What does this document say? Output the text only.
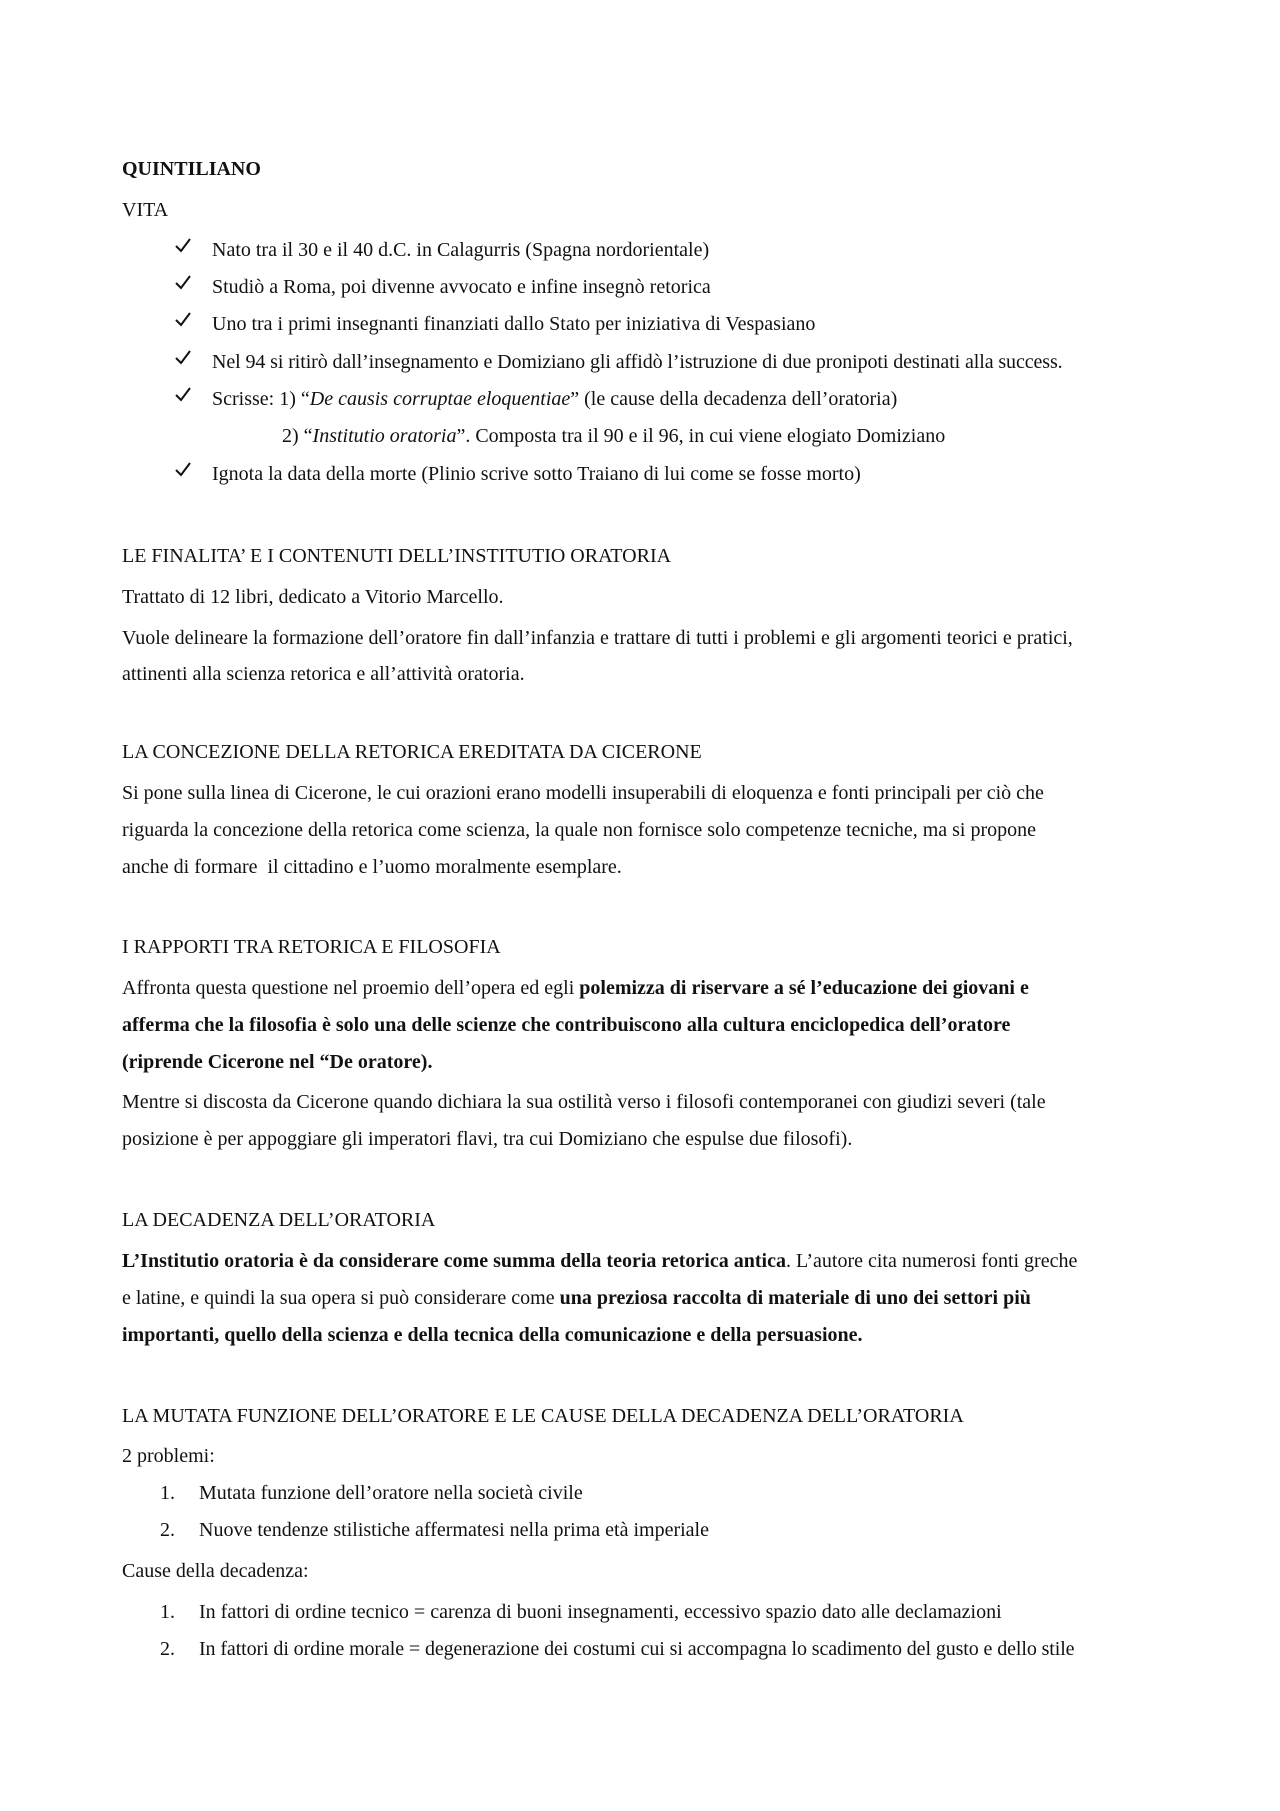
QUINTILIANO
VITA
Nato tra il 30 e il 40 d.C. in Calagurris (Spagna nordorientale)
Studiò a Roma, poi divenne avvocato e infine insegnò retorica
Uno tra i primi insegnanti finanziati dallo Stato per iniziativa di Vespasiano
Nel 94 si ritirò dall’insegnamento e Domiziano gli affidò l’istruzione di due pronipoti destinati alla success.
Scrisse: 1) “De causis corruptae eloquentiae” (le cause della decadenza dell’oratoria)
2) “Institutio oratoria”. Composta tra il 90 e il 96, in cui viene elogiato Domiziano
Ignota la data della morte (Plinio scrive sotto Traiano di lui come se fosse morto)
LE FINALITA’ E I CONTENUTI DELL’INSTITUTIO ORATORIA
Trattato di 12 libri, dedicato a Vitorio Marcello.
Vuole delineare la formazione dell’oratore fin dall’infanzia e trattare di tutti i problemi e gli argomenti teorici e pratici,
attinenti alla scienza retorica e all’attività oratoria.
LA CONCEZIONE DELLA RETORICA EREDITATA DA CICERONE
Si pone sulla linea di Cicerone, le cui orazioni erano modelli insuperabili di eloquenza e fonti principali per ciò che
riguarda la concezione della retorica come scienza, la quale non fornisce solo competenze tecniche, ma si propone
anche di formare  il cittadino e l’uomo moralmente esemplare.
I RAPPORTI TRA RETORICA E FILOSOFIA
Affronta questa questione nel proemio dell’opera ed egli polemizza di riservare a sé l’educazione dei giovani e
afferma che la filosofia è solo una delle scienze che contribuiscono alla cultura enciclopedica dell’oratore
(riprende Cicerone nel “De oratore).
Mentre si discosta da Cicerone quando dichiara la sua ostilità verso i filosofi contemporanei con giudizi severi (tale
posizione è per appoggiare gli imperatori flavi, tra cui Domiziano che espulse due filosofi).
LA DECADENZA DELL’ORATORIA
L’Institutio oratoria è da considerare come summa della teoria retorica antica. L’autore cita numerosi fonti greche
e latine, e quindi la sua opera si può considerare come una preziosa raccolta di materiale di uno dei settori più
importanti, quello della scienza e della tecnica della comunicazione e della persuasione.
LA MUTATA FUNZIONE DELL’ORATORE E LE CAUSE DELLA DECADENZA DELL’ORATORIA
2 problemi:
1. Mutata funzione dell’oratore nella società civile
2. Nuove tendenze stilistiche affermatesi nella prima età imperiale
Cause della decadenza:
1. In fattori di ordine tecnico = carenza di buoni insegnamenti, eccessivo spazio dato alle declamazioni
2. In fattori di ordine morale = degenerazione dei costumi cui si accompagna lo scadimento del gusto e dello stile
